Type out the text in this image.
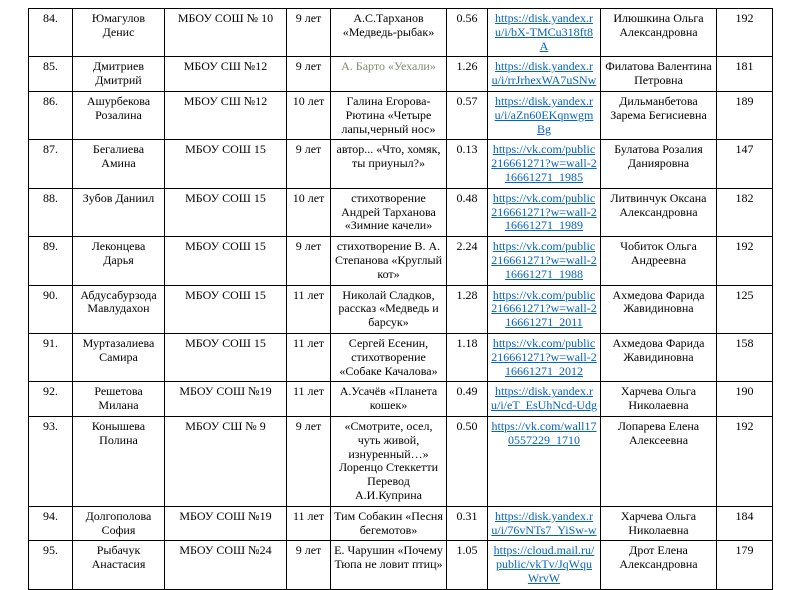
84.	Юмагулов Денис	МБОУ СОШ № 10	9 лет	А.С.Тарханов «Медведь-рыбак»	0.56	https://disk.yandex.ru/i/bX-TMCu318ft8A	Илюшкина Ольга Александровна	192
85.	Дмитриев Дмитрий	МБОУ СШ №12	9 лет	А. Барто «Уехали»	1.26	https://disk.yandex.ru/i/rrJrhexWA7uSNw	Филатова Валентина Петровна	181
86.	Ашурбекова Розалина	МБОУ СШ №12	10 лет	Галина Егорова-Рютина «Четыре лапы,черный нос»	0.57	https://disk.yandex.ru/i/aZn60EKqnwgmBg	Дильманбетова Зарема Бегисиевна	189
87.	Бегалиева Амина	МБОУ СОШ 15	9 лет	автор... «Что, хомяк, ты приуныл?»	0.13	https://vk.com/public216661271?w=wall-216661271_1985	Булатова Розалия Данияровна	147
88.	Зубов Даниил	МБОУ СОШ 15	10 лет	стихотворение Андрей Тарханова «Зимние качели»	0.48	https://vk.com/public216661271?w=wall-216661271_1989	Литвинчук Оксана Александровна	182
89.	Леконцева Дарья	МБОУ СОШ 15	9 лет	стихотворение В. А. Степанова «Круглый кот»	2.24	https://vk.com/public216661271?w=wall-216661271_1988	Чобиток Ольга Андреевна	192
90.	Абдусабурзода Мавлудахон	МБОУ СОШ 15	11 лет	Николай Сладков, рассказ «Медведь и барсук»	1.28	https://vk.com/public216661271?w=wall-216661271_2011	Ахмедова Фарида Жавидиновна	125
91.	Муртазалиева Самира	МБОУ СОШ 15	11 лет	Сергей Есенин, стихотворение «Собаке Качалова»	1.18	https://vk.com/public216661271?w=wall-216661271_2012	Ахмедова Фарида Жавидиновна	158
92.	Решетова Милана	МБОУ СОШ №19	11 лет	А.Усачёв «Планета кошек»	0.49	https://disk.yandex.ru/i/eT_EsUhNcd-Udg	Харчева Ольга Николаевна	190
93.	Конышева Полина	МБОУ СШ № 9	9 лет	«Смотрите, осел, чуть живой, изнуренный…» Лоренцо Стеккетти Перевод А.И.Куприна	0.50	https://vk.com/wall170557229_1710	Лопарева Елена Алексеевна	192
94.	Долгополова София	МБОУ СОШ №19	11 лет	Тим Собакин «Песня бегемотов»	0.31	https://disk.yandex.ru/i/76vNTs7_YiSw-w	Харчева Ольга Николаевна	184
95.	Рыбачук Анастасия	МБОУ СОШ №24	9 лет	Е. Чарушин «Почему Тюпа не ловит птиц»	1.05	https://cloud.mail.ru/public/vkTv/JqWquWrvW	Дрот Елена Александровна	179
